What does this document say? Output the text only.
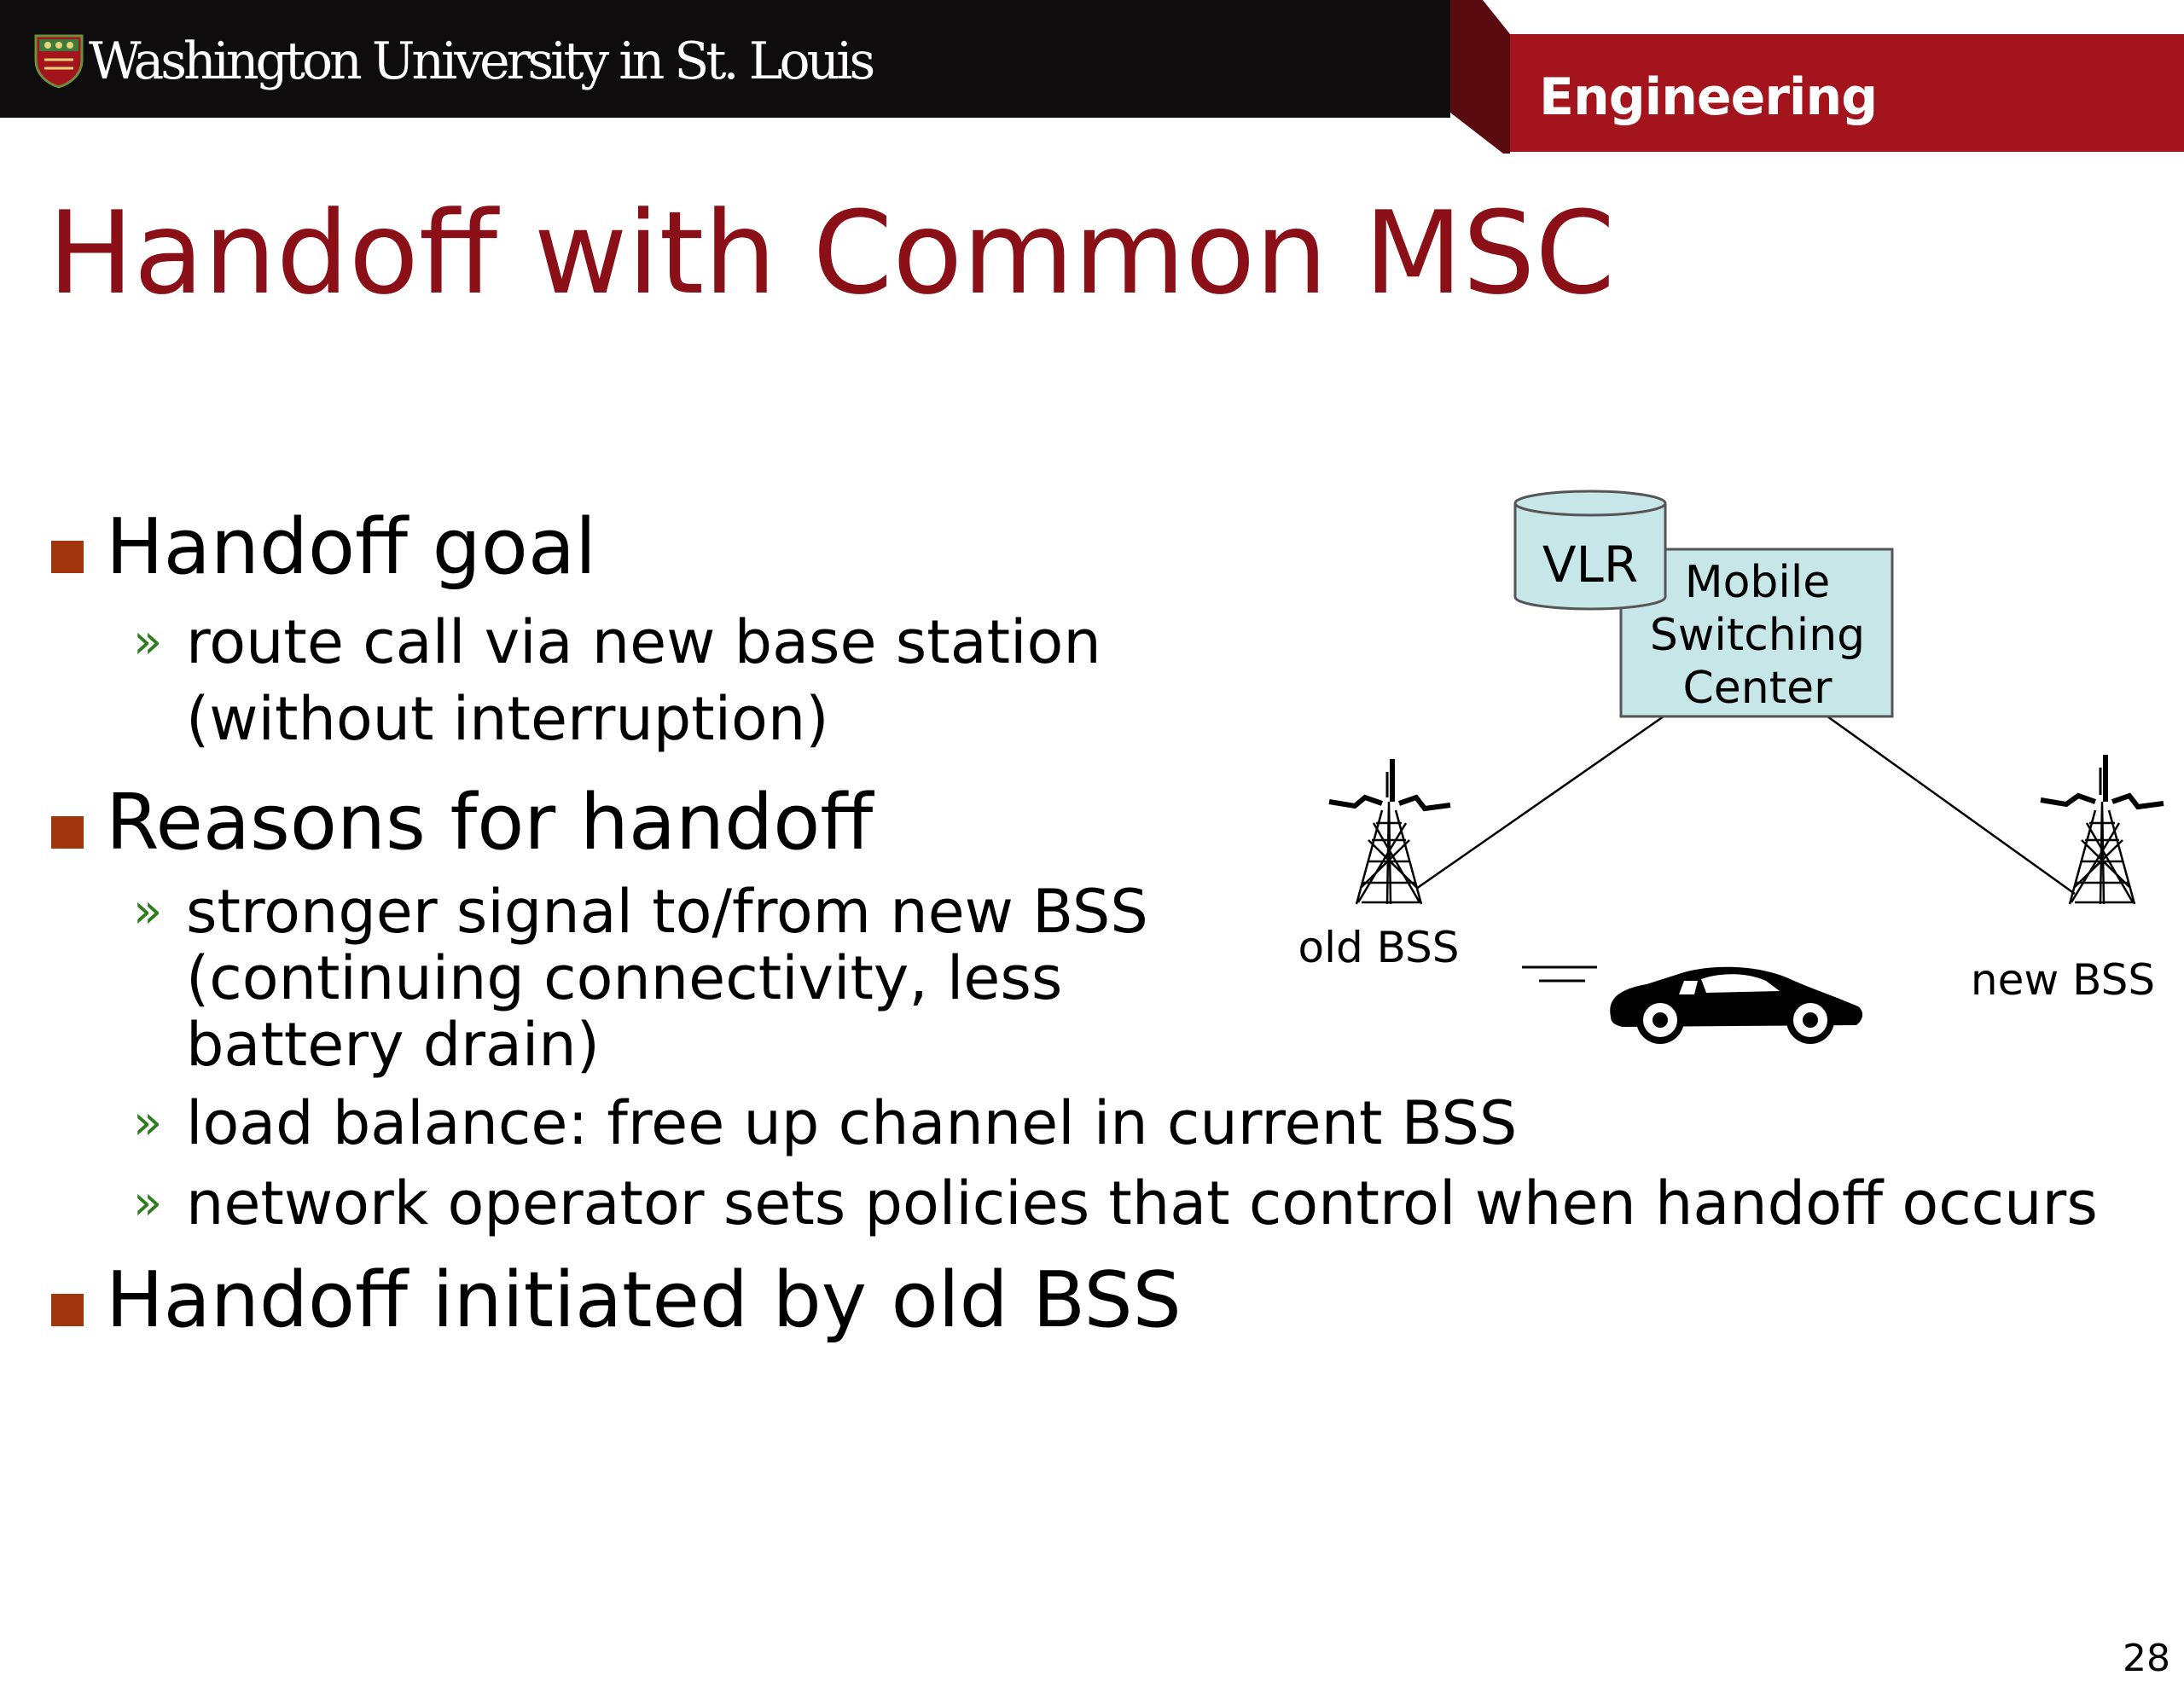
Washington University in St. Louis
Engineering
Handoff with Common MSC
Handoff goal
» route call via new base station
(without interruption)
Reasons for handoff
» stronger signal to/from new BSS
(continuing connectivity, less
battery drain)
» load balance: free up channel in current BSS
» network operator sets policies that control when handoff occurs
Handoff initiated by old BSS
Mobile
Switching
Center
VLR
old BSS
new BSS
28
